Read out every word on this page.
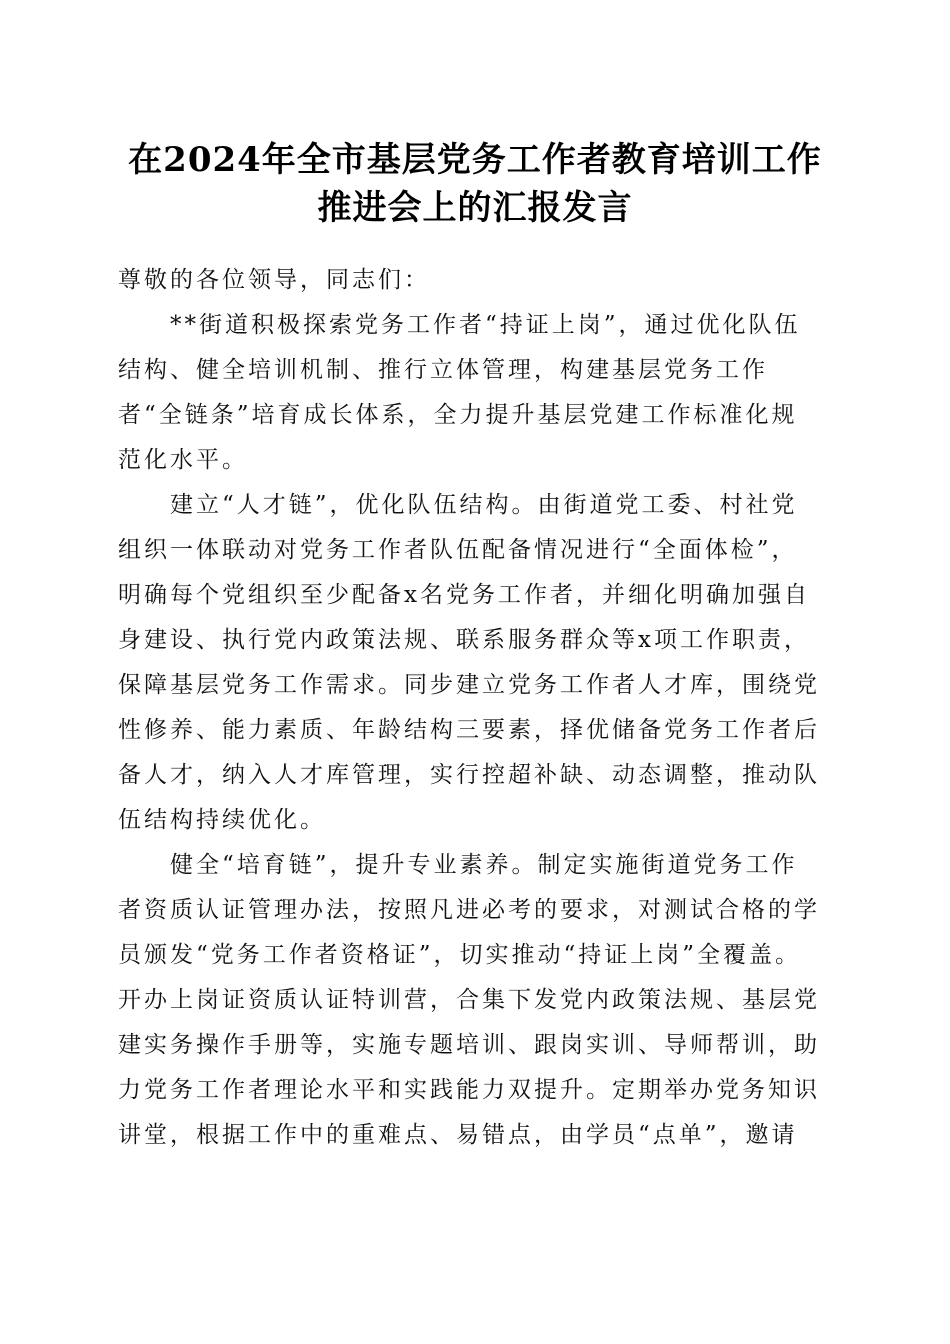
在2024年全市基层党务工作者教育培训工作
推进会上的汇报发言
尊敬的各位领导，同志们：
**街道积极探索党务工作者“持证上岗”，通过优化队伍
结构、健全培训机制、推行立体管理，构建基层党务工作
者“全链条”培育成长体系，全力提升基层党建工作标准化规
范化水平。
建立“人才链”，优化队伍结构。由街道党工委、村社党
组织一体联动对党务工作者队伍配备情况进行“全面体检”，
明确每个党组织至少配备x名党务工作者，并细化明确加强自
身建设、执行党内政策法规、联系服务群众等x项工作职责，
保障基层党务工作需求。同步建立党务工作者人才库，围绕党
性修养、能力素质、年龄结构三要素，择优储备党务工作者后
备人才，纳入人才库管理，实行控超补缺、动态调整，推动队
伍结构持续优化。
健全“培育链”，提升专业素养。制定实施街道党务工作
者资质认证管理办法，按照凡进必考的要求，对测试合格的学
员颁发“党务工作者资格证”，切实推动“持证上岗”全覆盖。
开办上岗证资质认证特训营，合集下发党内政策法规、基层党
建实务操作手册等，实施专题培训、跟岗实训、导师帮训，助
力党务工作者理论水平和实践能力双提升。定期举办党务知识
讲堂，根据工作中的重难点、易错点，由学员“点单”，邀请
